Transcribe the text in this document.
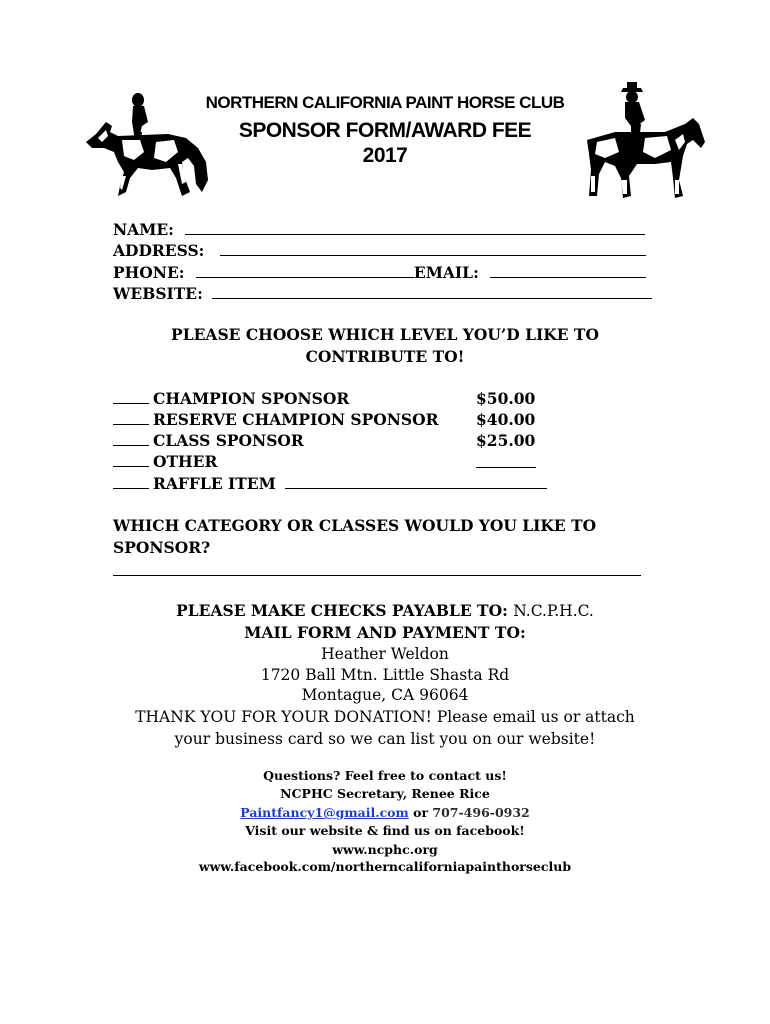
NORTHERN CALIFORNIA PAINT HORSE CLUB
SPONSOR FORM/AWARD FEE
2017
NAME:
ADDRESS:
PHONE:	EMAIL:
WEBSITE:
PLEASE CHOOSE WHICH LEVEL YOU’D LIKE TO
CONTRIBUTE TO!
CHAMPION SPONSOR	$50.00
RESERVE CHAMPION SPONSOR $40.00
CLASS SPONSOR	$25.00
OTHER
RAFFLE ITEM
WHICH CATEGORY OR CLASSES WOULD YOU LIKE TO
SPONSOR?
PLEASE MAKE CHECKS PAYABLE TO: N.C.P.H.C.
MAIL FORM AND PAYMENT TO:
Heather Weldon
1720 Ball Mtn. Little Shasta Rd
Montague, CA 96064
THANK YOU FOR YOUR DONATION! Please email us or attach
your business card so we can list you on our website!
Questions? Feel free to contact us!
NCPHC Secretary, Renee Rice
Paintfancy1@gmail.com or 707-496-0932
Visit our website & find us on facebook!
www.ncphc.org
www.facebook.com/northerncaliforniapainthorseclub
